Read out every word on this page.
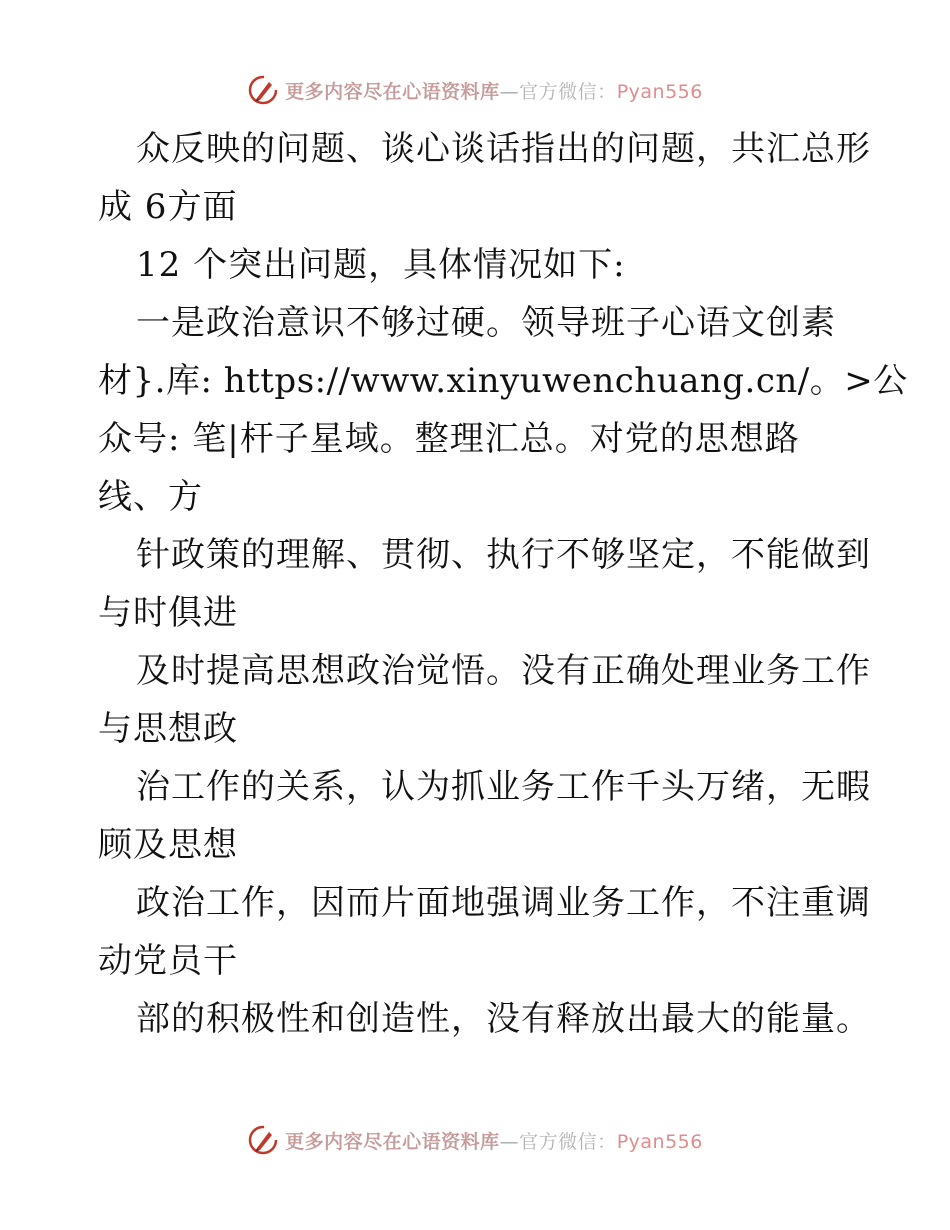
更多内容尽在心语资料库—官方微信：Pyan556
众反映的问题、谈心谈话指出的问题，共汇总形
成 6方面
12 个突出问题，具体情况如下:
一是政治意识不够过硬。领导班子心语文创素
材}.库: https://www.xinyuwenchuang.cn/。>公
众号: 笔|杆子星域。整理汇总。对党的思想路
线、方
针政策的理解、贯彻、执行不够坚定，不能做到
与时俱进
及时提高思想政治觉悟。没有正确处理业务工作
与思想政
治工作的关系，认为抓业务工作千头万绪，无暇
顾及思想
政治工作，因而片面地强调业务工作，不注重调
动党员干
部的积极性和创造性，没有释放出最大的能量。
更多内容尽在心语资料库—官方微信：Pyan556
